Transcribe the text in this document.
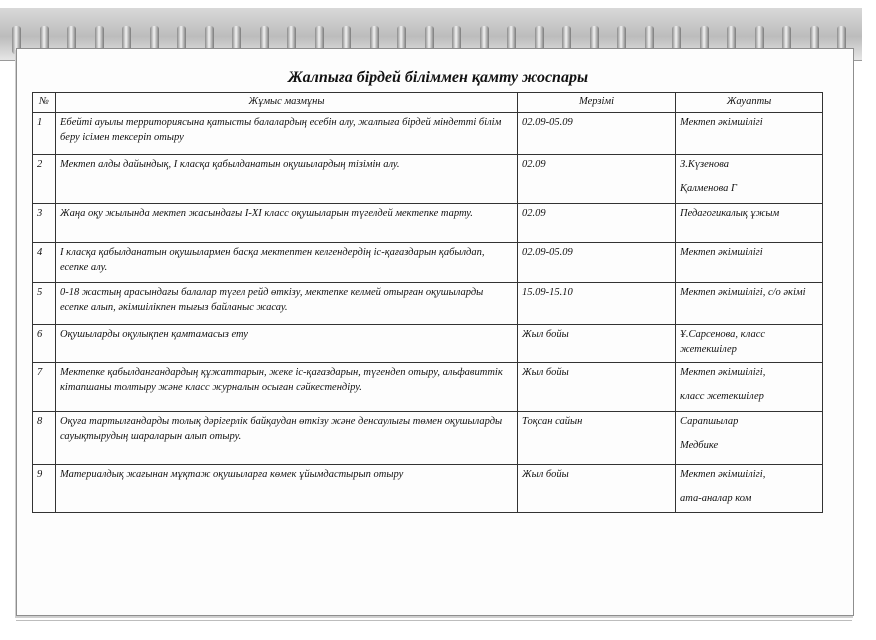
Жалпыға бірдей біліммен қамту жоспары
№	Жұмыс мазмұны	Мерзімі	Жауапты
1	Ебейті ауылы территориясына қатысты балалардың есебін алу, жалпыға бірдей міндетті білім беру ісімен тексеріп отыру	02.09-05.09	Мектеп әкімшілігі

2	Мектеп алды дайындық, І класқа қабылданатын оқушылардың тізімін алу.	02.09	З.Күзенова
Қалменова Г

3	Жаңа оқу жылында мектеп жасындағы І-ХІ класс оқушыларын түгелдей мектепке тарту.	02.09	Педагогикалық ұжым

4	І класқа қабылданатын оқушылармен басқа мектептен келгендердің іс-қағаздарын қабылдап, есепке алу.	02.09-05.09	Мектеп әкімшілігі

5	0-18 жастың арасындағы балалар түгел рейд өткізу, мектепке келмей отырған оқушыларды есепке алып, әкімшілікпен тығыз байланыс жасау.	15.09-15.10	Мектеп әкімшілігі, с/о әкімі

6	Оқушыларды оқулықпен қамтамасыз ету	Жыл бойы	Ұ.Сарсенова, класс жетекшілер

7	Мектепке қабылдангандардың құжаттарын, жеке іс-қағаздарын, түгендеп отыру, альфавиттік кітапшаны толтыру және класс журналын осыған сәйкестендіру.	Жыл бойы	Мектеп әкімшілігі,
класс жетекшілер

8	Оқуға тартылғандарды толық дәрігерлік байқаудан өткізу және денсаулығы төмен оқушыларды сауықтырудың шараларын алып отыру.	Тоқсан сайын	Сарапшылар
Медбике

9	Материалдық жағынан мұқтаж оқушыларға көмек ұйымдастырып отыру	Жыл бойы	Мектеп әкімшілігі,
ата-аналар ком
